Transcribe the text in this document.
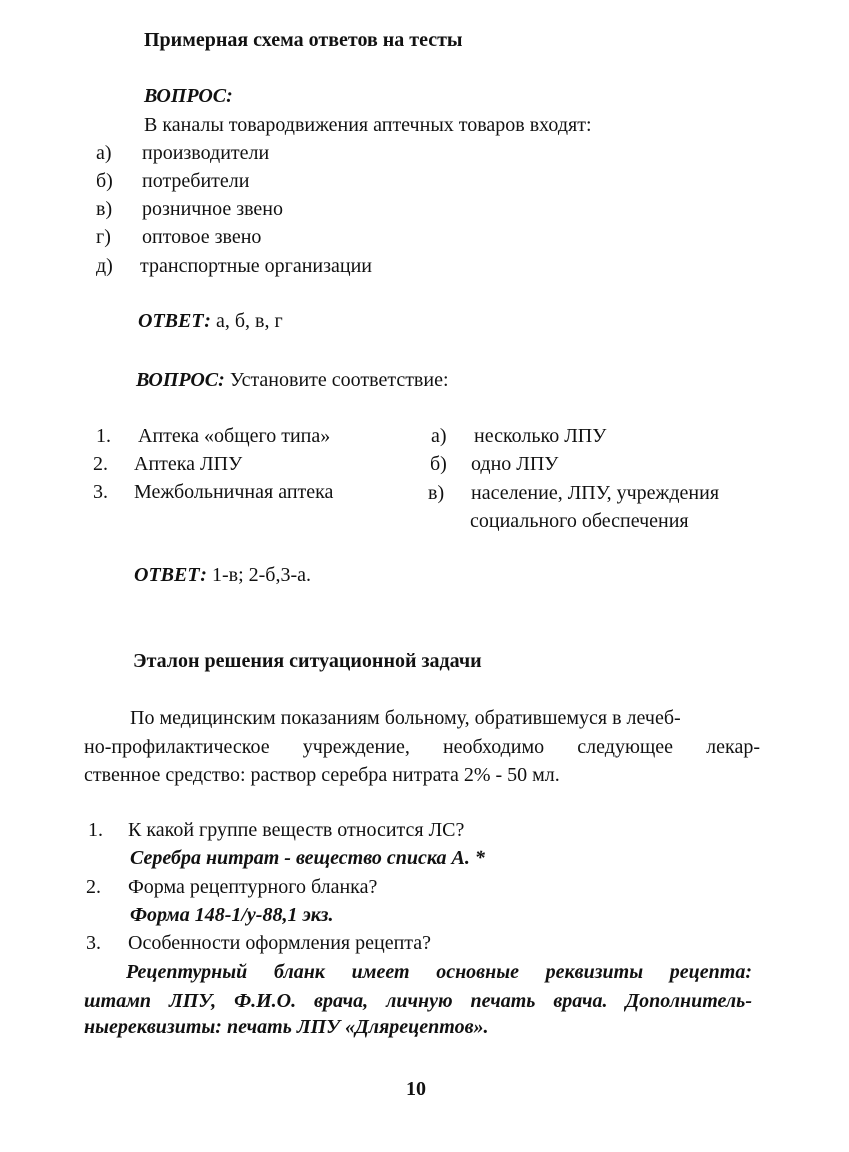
Примерная схема ответов на тесты
ВОПРОС:
В каналы товародвижения аптечных товаров входят:
а) производители
б) потребители
в) розничное звено
г) оптовое звено
д) транспортные организации
ОТВЕТ: а, б, в, г
ВОПРОС: Установите соответствие:
1. Аптека «общего типа»
2. Аптека ЛПУ
3. Межбольничная аптека
а) несколько ЛПУ
б) одно ЛПУ
в) население, ЛПУ, учреждения
социального обеспечения
ОТВЕТ: 1-в; 2-б,3-а.
Эталон решения ситуационной задачи
По медицинским показаниям больному, обратившемуся в лечеб-
но-профилактическое учреждение, необходимо следующее лекар-
ственное средство: раствор серебра нитрата 2% - 50 мл.
1. К какой группе веществ относится ЛС?
Серебра нитрат - вещество списка А. *
2. Форма рецептурного бланка?
Форма 148-1/у-88,1 экз.
3. Особенности оформления рецепта?
Рецептурный бланк имеет основные реквизиты рецепта:
штамп ЛПУ, Ф.И.О. врача, личную печать врача. Дополнитель-
ныереквизиты: печать ЛПУ «Длярецептов».
10
